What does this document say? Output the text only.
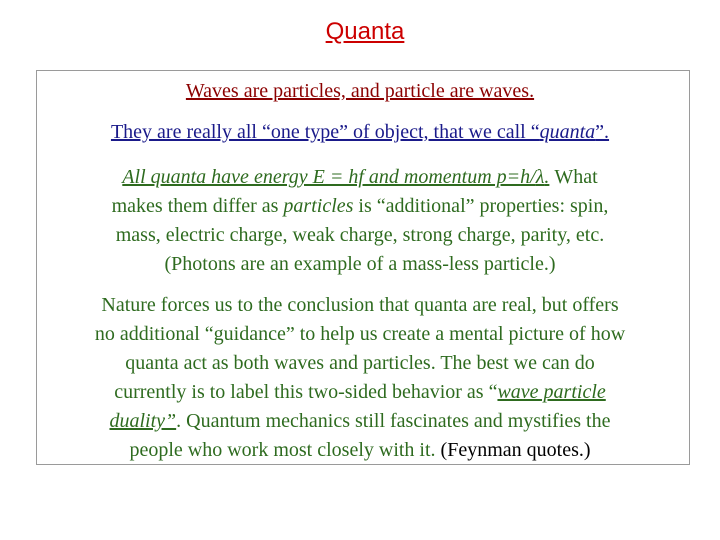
Quanta
Waves are particles, and particle are waves.
They are really all “one type” of object, that we call “quanta”.
All quanta have energy E = hf and momentum p=h/λ. What
makes them differ as particles is “additional” properties: spin,
mass, electric charge, weak charge, strong charge, parity, etc.
(Photons are an example of a mass-less particle.)
Nature forces us to the conclusion that quanta are real, but offers
no additional “guidance” to help us create a mental picture of how
quanta act as both waves and particles. The best we can do
currently is to label this two-sided behavior as “wave particle
duality”. Quantum mechanics still fascinates and mystifies the
people who work most closely with it. (Feynman quotes.)
